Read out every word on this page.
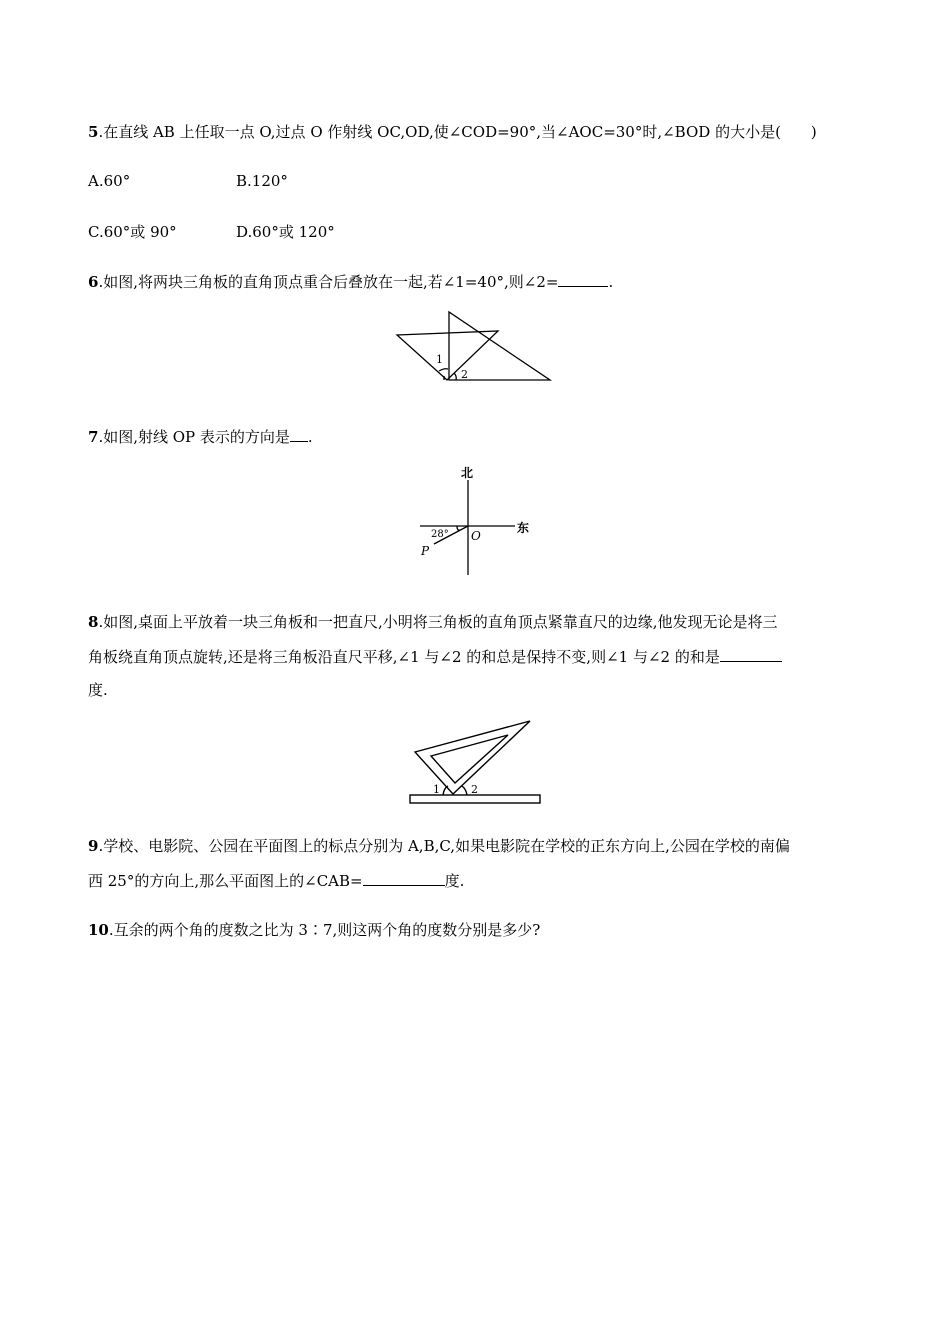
5.在直线 AB 上任取一点 O,过点 O 作射线 OC,OD,使∠COD=90°,当∠AOC=30°时,∠BOD 的大小是(　　)
A.60°	B.120°
C.60°或 90°	D.60°或 120°
6.如图,将两块三角板的直角顶点重合后叠放在一起,若∠1=40°,则∠2=	.
1
2
7.如图,射线 OP 表示的方向是 .
北
东
28° O
P
8.如图,桌面上平放着一块三角板和一把直尺,小明将三角板的直角顶点紧靠直尺的边缘,他发现无论是将三
角板绕直角顶点旋转,还是将三角板沿直尺平移,∠1 与∠2 的和总是保持不变,则∠1 与∠2 的和是
度.
1	2
9.学校、电影院、公园在平面图上的标点分别为 A,B,C,如果电影院在学校的正东方向上,公园在学校的南偏
西 25°的方向上,那么平面图上的∠CAB=	度.
10.互余的两个角的度数之比为 3∶7,则这两个角的度数分别是多少?
